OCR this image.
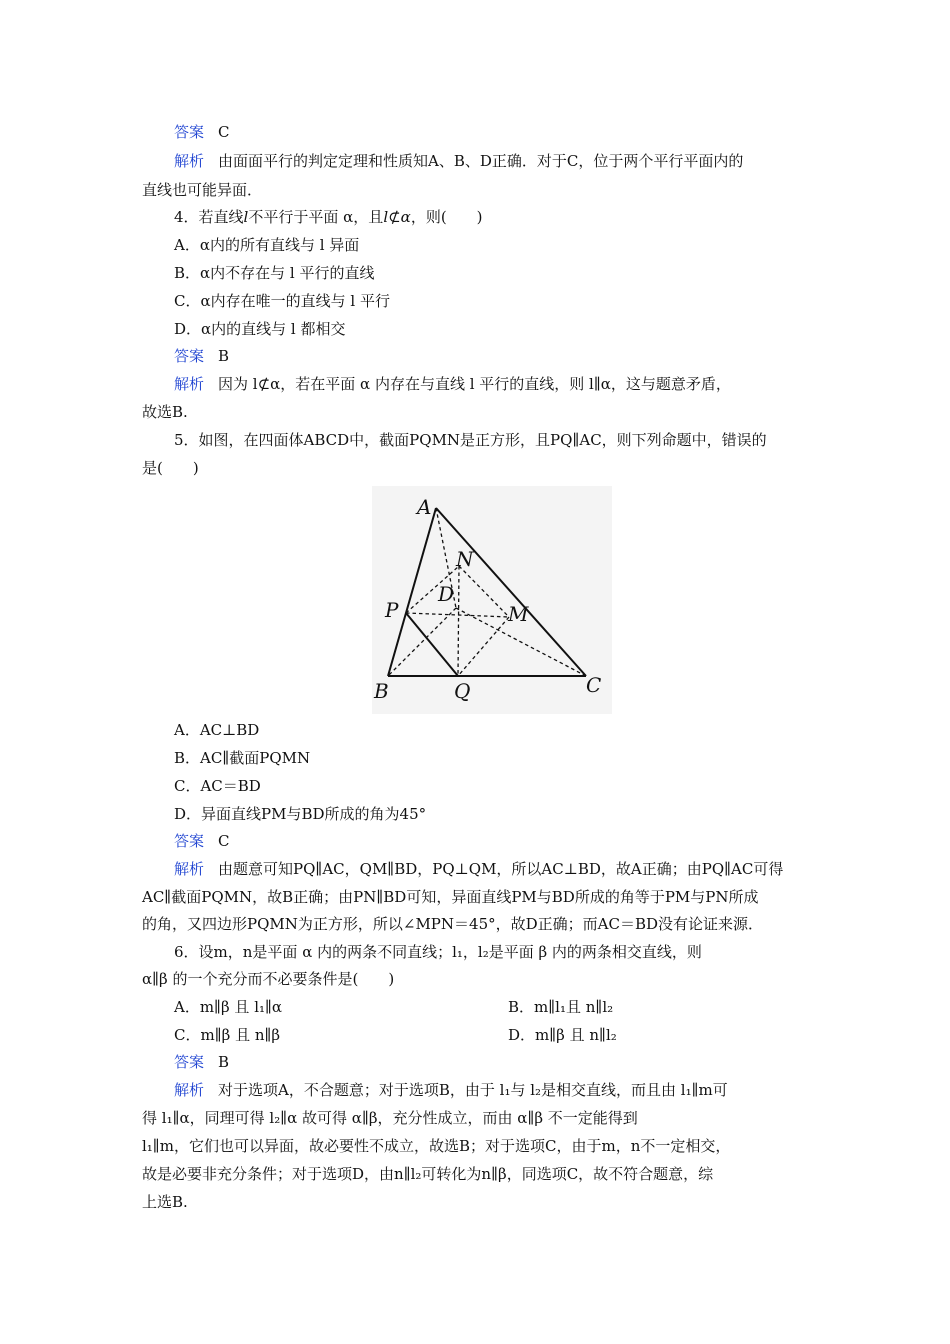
答案 C
解析 由面面平行的判定定理和性质知A、B、D正确．对于C，位于两个平行平面内的
直线也可能异面．
4．若直线l不平行于平面 α，且l⊄α，则(　　)
A．α内的所有直线与 l 异面
B．α内不存在与 l 平行的直线
C．α内存在唯一的直线与 l 平行
D．α内的直线与 l 都相交
答案 B
解析 因为 l⊄α，若在平面 α 内存在与直线 l 平行的直线，则 l∥α，这与题意矛盾，
故选B.
5．如图，在四面体ABCD中，截面PQMN是正方形，且PQ∥AC，则下列命题中，错误的
是(　　)
A
B	C
D
N
P	M
Q
A．AC⊥BD
B．AC∥截面PQMN
C．AC＝BD
D．异面直线PM与BD所成的角为45°
答案 C
解析 由题意可知PQ∥AC，QM∥BD，PQ⊥QM，所以AC⊥BD，故A正确；由PQ∥AC可得
AC∥截面PQMN，故B正确；由PN∥BD可知，异面直线PM与BD所成的角等于PM与PN所成
的角，又四边形PQMN为正方形，所以∠MPN＝45°，故D正确；而AC＝BD没有论证来源．
6．设m，n是平面 α 内的两条不同直线；l₁，l₂是平面 β 内的两条相交直线，则
α∥β 的一个充分而不必要条件是(　　)
A．m∥β 且 l₁∥α	B．m∥l₁且 n∥l₂
C．m∥β 且 n∥β	D．m∥β 且 n∥l₂
答案 B
解析 对于选项A，不合题意；对于选项B，由于 l₁与 l₂是相交直线，而且由 l₁∥m可
得 l₁∥α，同理可得 l₂∥α 故可得 α∥β，充分性成立，而由 α∥β 不一定能得到
l₁∥m，它们也可以异面，故必要性不成立，故选B；对于选项C，由于m，n不一定相交，
故是必要非充分条件；对于选项D，由n∥l₂可转化为n∥β，同选项C，故不符合题意，综
上选B.
